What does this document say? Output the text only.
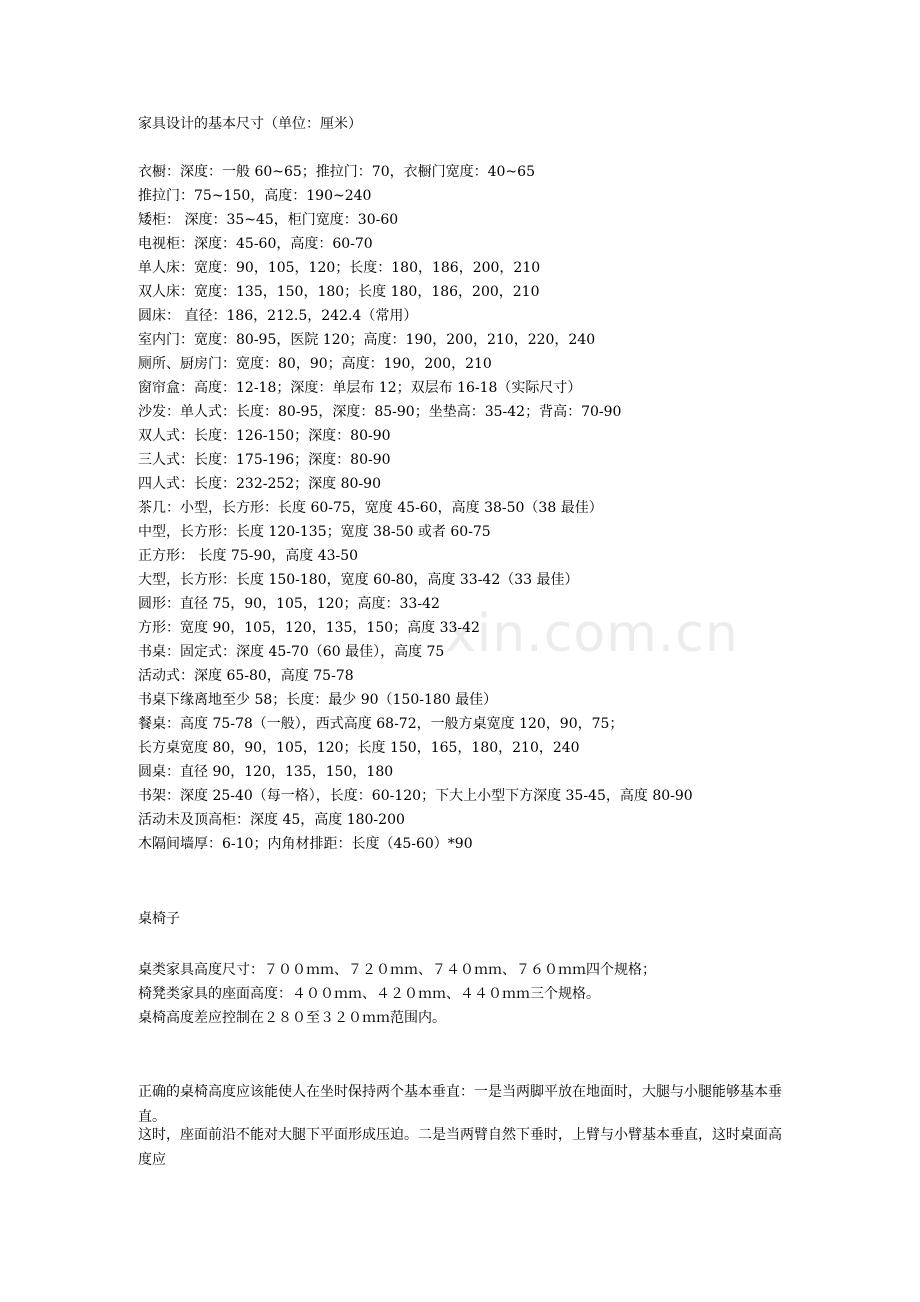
xin.com.cn
家具设计的基本尺寸（单位：厘米）
衣橱：深度：一般 60~65；推拉门：70，衣橱门宽度：40~65
推拉门：75~150，高度：190~240
矮柜： 深度：35~45，柜门宽度：30-60
电视柜：深度：45-60，高度：60-70
单人床：宽度：90，105，120；长度：180，186，200，210
双人床：宽度：135，150，180；长度 180，186，200，210
圆床： 直径：186，212.5，242.4（常用）
室内门：宽度：80-95，医院 120；高度：190，200，210，220，240
厕所、厨房门：宽度：80，90；高度：190，200，210
窗帘盒：高度：12-18；深度：单层布 12；双层布 16-18（实际尺寸）
沙发：单人式：长度：80-95，深度：85-90；坐垫高：35-42；背高：70-90
双人式：长度：126-150；深度：80-90
三人式：长度：175-196；深度：80-90
四人式：长度：232-252；深度 80-90
茶几：小型，长方形：长度 60-75，宽度 45-60，高度 38-50（38 最佳）
中型，长方形：长度 120-135；宽度 38-50 或者 60-75
正方形： 长度 75-90，高度 43-50
大型，长方形：长度 150-180，宽度 60-80，高度 33-42（33 最佳）
圆形：直径 75，90，105，120；高度：33-42
方形：宽度 90，105，120，135，150；高度 33-42
书桌：固定式：深度 45-70（60 最佳），高度 75
活动式：深度 65-80，高度 75-78
书桌下缘离地至少 58；长度：最少 90（150-180 最佳）
餐桌：高度 75-78（一般），西式高度 68-72，一般方桌宽度 120，90，75；
长方桌宽度 80，90，105，120；长度 150，165，180，210，240
圆桌：直径 90，120，135，150，180
书架：深度 25-40（每一格），长度：60-120；下大上小型下方深度 35-45，高度 80-90
活动未及顶高柜：深度 45，高度 180-200
木隔间墙厚：6-10；内角材排距：长度（45-60）*90
桌椅子
桌类家具高度尺寸：７００ｍｍ、７２０ｍｍ、７４０ｍｍ、７６０ｍｍ四个规格；
椅凳类家具的座面高度：４００ｍｍ、４２０ｍｍ、４４０ｍｍ三个规格。
桌椅高度差应控制在２８０至３２０ｍｍ范围内。
正确的桌椅高度应该能使人在坐时保持两个基本垂直：一是当两脚平放在地面时，大腿与小腿能够基本垂直。
这时，座面前沿不能对大腿下平面形成压迫。二是当两臂自然下垂时，上臂与小臂基本垂直，这时桌面高度应
